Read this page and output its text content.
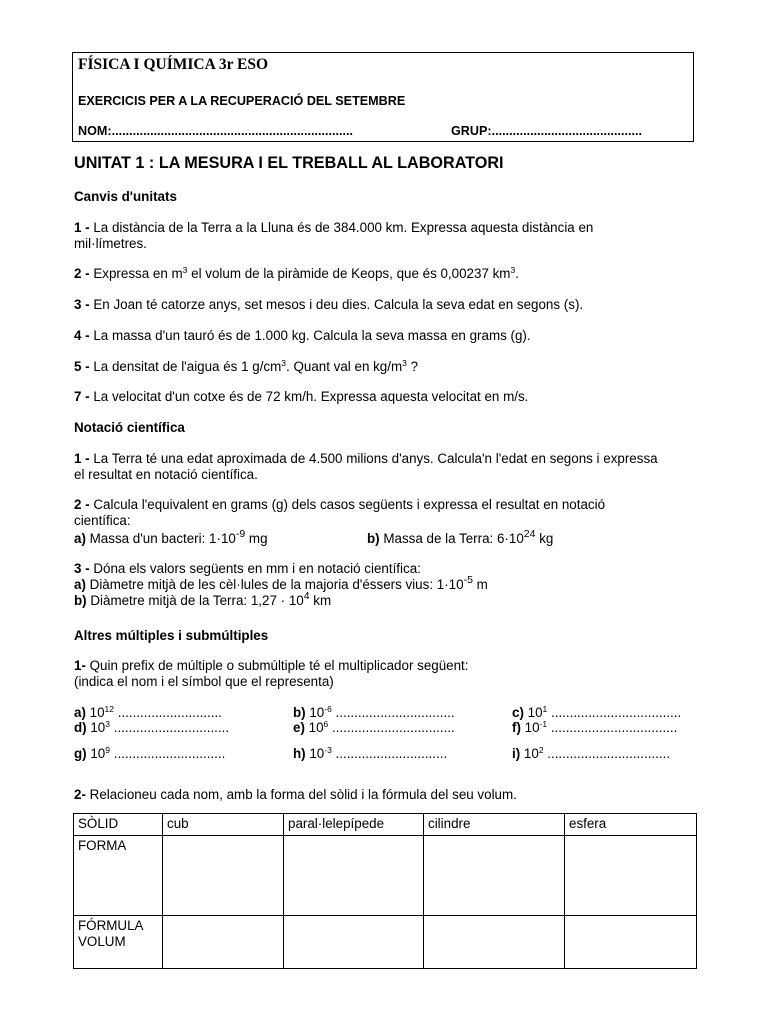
FÍSICA I QUÍMICA 3r ESO
EXERCICIS PER A LA RECUPERACIÓ DEL SETEMBRE
NOM:.....................................................................	GRUP:...........................................
UNITAT 1 : LA MESURA I EL TREBALL AL LABORATORI
Canvis d'unitats
1 - La distància de la Terra a la Lluna és de 384.000 km. Expressa aquesta distància en
mil·límetres.
2 - Expressa en $m^3$ el volum de la piràmide de Keops, que és 0,00237 $km^3$.
3 - En Joan té catorze anys, set mesos i deu dies. Calcula la seva edat en segons (s).
4 - La massa d'un tauró és de 1.000 kg. Calcula la seva massa en grams (g).
5 - La densitat de l'aigua és 1 $g/cm^3$. Quant val en $kg/m^3$ ?
7 - La velocitat d'un cotxe és de 72 km/h. Expressa aquesta velocitat en m/s.
Notació científica
1 - La Terra té una edat aproximada de 4.500 milions d'anys. Calcula'n l'edat en segons i expressa
el resultat en notació científica.
2 - Calcula l'equivalent en grams (g) dels casos següents i expressa el resultat en notació
científica:
a) Massa d'un bacteri: $1\cdot 10^{-9}$ mg	b) Massa de la Terra: $6\cdot 10^{24}$ kg
3 - Dóna els valors següents en mm i en notació científica:
a) Diàmetre mitjà de les cèl·lules de la majoria d'éssers vius: $1\cdot 10^{-5}$ m
b) Diàmetre mitjà de la Terra: $1,27 \cdot 10^4$ km
Altres múltiples i submúltiples
1- Quin prefix de múltiple o submúltiple té el multiplicador següent:
(indica el nom i el símbol que el representa)
a) $10^{12}$ ............................	b) $10^{-6}$ ................................	c) $10^1$ ...................................
d) $10^3$ ...............................	e) $10^6$ .................................	f) $10^{-1}$ ..................................
g) $10^9$ ..............................	h) $10^{-3}$ ..............................	i) $10^2$ .................................
2- Relacioneu cada nom, amb la forma del sòlid i la fórmula del seu volum.
SÒLID	cub	paral·lelepípede	cilindre	esfera
FORMA				

FÓRMULA
VOLUM				
